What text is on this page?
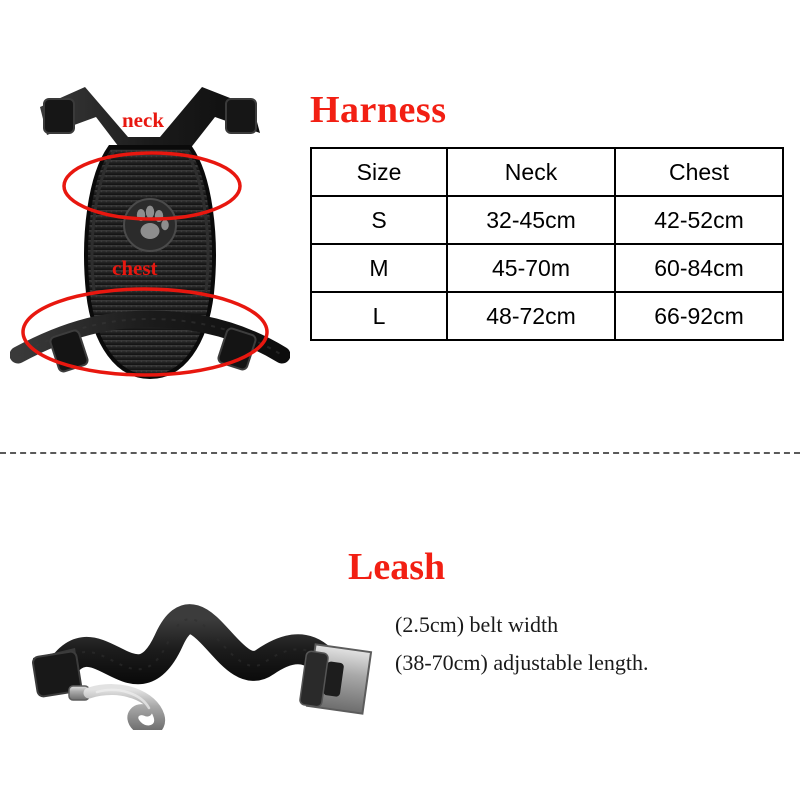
neck
chest
Harness
Size	Neck	Chest
S	32-45cm	42-52cm
M	45-70m	60-84cm
L	48-72cm	66-92cm
Leash
(2.5cm) belt width
(38-70cm) adjustable length.
